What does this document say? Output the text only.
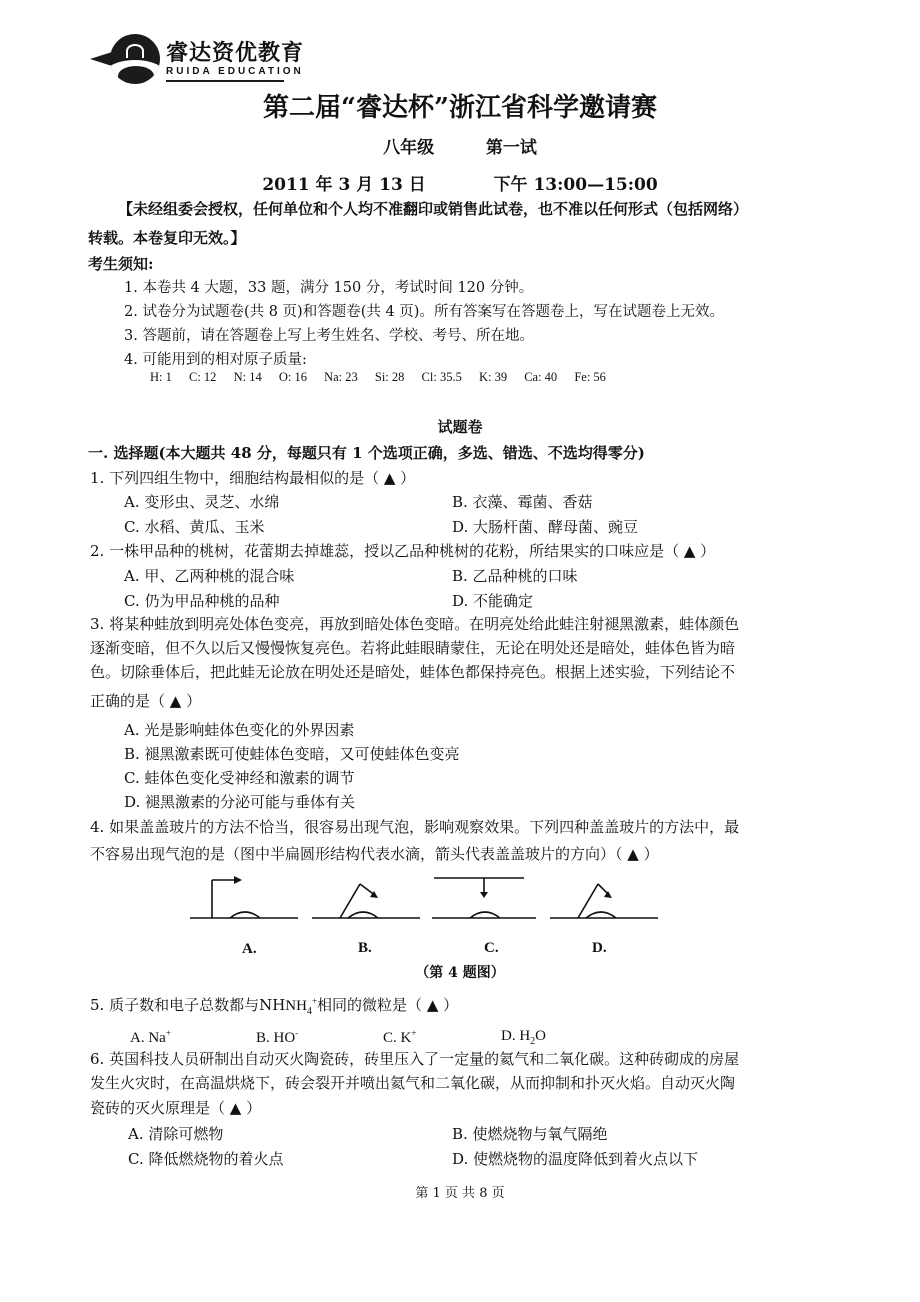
睿达资优教育
RUIDA EDUCATION
第二届“睿达杯”浙江省科学邀请赛
八年级	第一试
2011 年 3 月 13 日	下午 13:00—15:00
【未经组委会授权，任何单位和个人均不准翻印或销售此试卷，也不准以任何形式（包括网络）
转载。本卷复印无效。】
考生须知:
1. 本卷共 4 大题，33 题，满分 150 分，考试时间 120 分钟。
2. 试卷分为试题卷(共 8 页)和答题卷(共 4 页)。所有答案写在答题卷上，写在试题卷上无效。
3. 答题前，请在答题卷上写上考生姓名、学校、考号、所在地。
4. 可能用到的相对原子质量:
H: 1 C: 12 N: 14 O: 16 Na: 23 Si: 28 Cl: 35.5 K: 39 Ca: 40 Fe: 56
试题卷
一. 选择题(本大题共 48 分，每题只有 1 个选项正确，多选、错选、不选均得零分)
1. 下列四组生物中，细胞结构最相似的是（ ▲ ）
A. 变形虫、灵芝、水绵	B. 衣藻、霉菌、香菇
C. 水稻、黄瓜、玉米	D. 大肠杆菌、酵母菌、豌豆
2. 一株甲品种的桃树，花蕾期去掉雄蕊，授以乙品种桃树的花粉，所结果实的口味应是（ ▲ ）
A. 甲、乙两种桃的混合味	B. 乙品种桃的口味
C. 仍为甲品种桃的品种	D. 不能确定
3. 将某种蛙放到明亮处体色变亮，再放到暗处体色变暗。在明亮处给此蛙注射褪黑激素，蛙体颜色
逐渐变暗，但不久以后又慢慢恢复亮色。若将此蛙眼睛蒙住，无论在明处还是暗处，蛙体色皆为暗
色。切除垂体后，把此蛙无论放在明处还是暗处，蛙体色都保持亮色。根据上述实验，下列结论不
正确的是（ ▲ ）
A. 光是影响蛙体色变化的外界因素
B. 褪黑激素既可使蛙体色变暗，又可使蛙体色变亮
C. 蛙体色变化受神经和激素的调节
D. 褪黑激素的分泌可能与垂体有关
4. 如果盖盖玻片的方法不恰当，很容易出现气泡，影响观察效果。下列四种盖盖玻片的方法中，最
不容易出现气泡的是（图中半扁圆形结构代表水滴，箭头代表盖盖玻片的方向）（ ▲ ）
A.	B.	C.	D.
（第 4 题图）
5. 质子数和电子总数都与$NHNH_4^+$相同的微粒是（ ▲ ）
A. Na+	B. HO-	C. K+	D. $H_2O$
6. 英国科技人员研制出自动灭火陶瓷砖，砖里压入了一定量的氦气和二氧化碳。这种砖砌成的房屋
发生火灾时，在高温烘烧下，砖会裂开并喷出氦气和二氧化碳，从而抑制和扑灭火焰。自动灭火陶
瓷砖的灭火原理是（ ▲ ）
A. 清除可燃物	B. 使燃烧物与氧气隔绝
C. 降低燃烧物的着火点	D. 使燃烧物的温度降低到着火点以下
第 1 页 共 8 页
